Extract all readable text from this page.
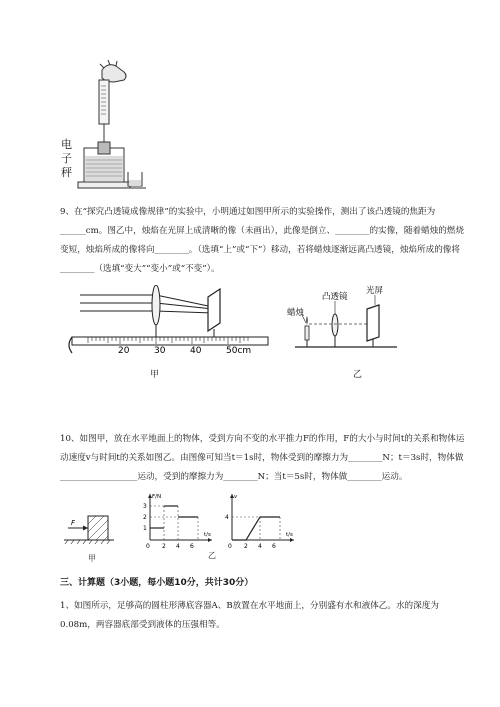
电子秤
9、在“探究凸透镜成像规律”的实验中，小明通过如图甲所示的实验操作，测出了该凸透镜的焦距为______cm。图乙中，烛焰在光屏上成清晰的像（未画出），此像是倒立、________的实像，随着蜡烛的燃烧变短，烛焰所成的像将向________。（选填“上”或“下”）移动，若将蜡烛逐渐远离凸透镜，烛焰所成的像将________（选填“变大”“变小”或“不变”）。
20	30	40	50cm
甲
蜡烛
凸透镜
光屏
乙
10、如图甲，放在水平地面上的物体，受到方向不变的水平推力F的作用，F的大小与时间t的关系和物体运动速度v与时间t的关系如图乙。由图像可知当t＝1s时，物体受到的摩擦力为________N；t＝3s时，物体做__________________运动，受到的摩擦力为________N；当t＝5s时，物体做________运动。
F
甲
F/N
t/s
3
2
1
0 2 4 6
v
t/s
4
0 2 4 6
乙
三、计算题（3小题，每小题10分，共计30分）
1、如图所示，足够高的圆柱形薄底容器A、B放置在水平地面上，分别盛有水和液体乙。水的深度为0.08m，两容器底部受到液体的压强相等。
